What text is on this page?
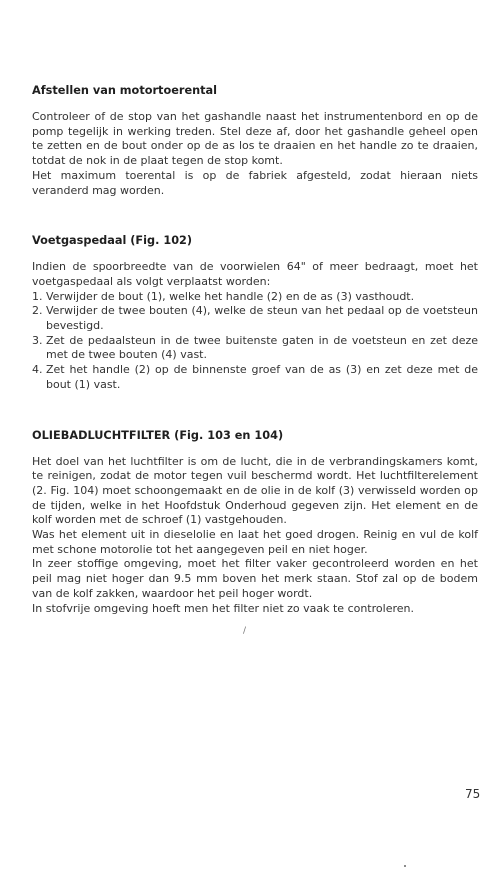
Afstellen van motortoerental

Controleer of de stop van het gashandle naast het instrumentenbord en op de pomp tegelijk in werking treden. Stel deze af, door het gashandle geheel open te zetten en de bout onder op de as los te draaien en het handle zo te draaien, totdat de nok in de plaat tegen de stop komt.

Het maximum toerental is op de fabriek afgesteld, zodat hieraan niets veranderd mag worden.

Voetgaspedaal (Fig. 102)

Indien de spoorbreedte van de voorwielen 64" of meer bedraagt, moet het voetgaspedaal als volgt verplaatst worden:

1. Verwijder de bout (1), welke het handle (2) en de as (3) vasthoudt.
2. Verwijder de twee bouten (4), welke de steun van het pedaal op de voetsteun bevestigd.
3. Zet de pedaalsteun in de twee buitenste gaten in de voetsteun en zet deze met de twee bouten (4) vast.
4. Zet het handle (2) op de binnenste groef van de as (3) en zet deze met de bout (1) vast.
OLIEBADLUCHTFILTER (Fig. 103 en 104)

Het doel van het luchtfilter is om de lucht, die in de verbrandingskamers komt, te reinigen, zodat de motor tegen vuil beschermd wordt. Het luchtfilterelement (2. Fig. 104) moet schoongemaakt en de olie in de kolf (3) verwisseld worden op de tijden, welke in het Hoofdstuk Onderhoud gegeven zijn. Het element en de kolf worden met de schroef (1) vastgehouden.

Was het element uit in dieselolie en laat het goed drogen. Reinig en vul de kolf met schone motorolie tot het aangegeven peil en niet hoger.

In zeer stoffige omgeving, moet het filter vaker gecontroleerd worden en het peil mag niet hoger dan 9.5 mm boven het merk staan. Stof zal op de bodem van de kolf zakken, waardoor het peil hoger wordt.

In stofvrije omgeving hoeft men het filter niet zo vaak te controleren.

/
75
